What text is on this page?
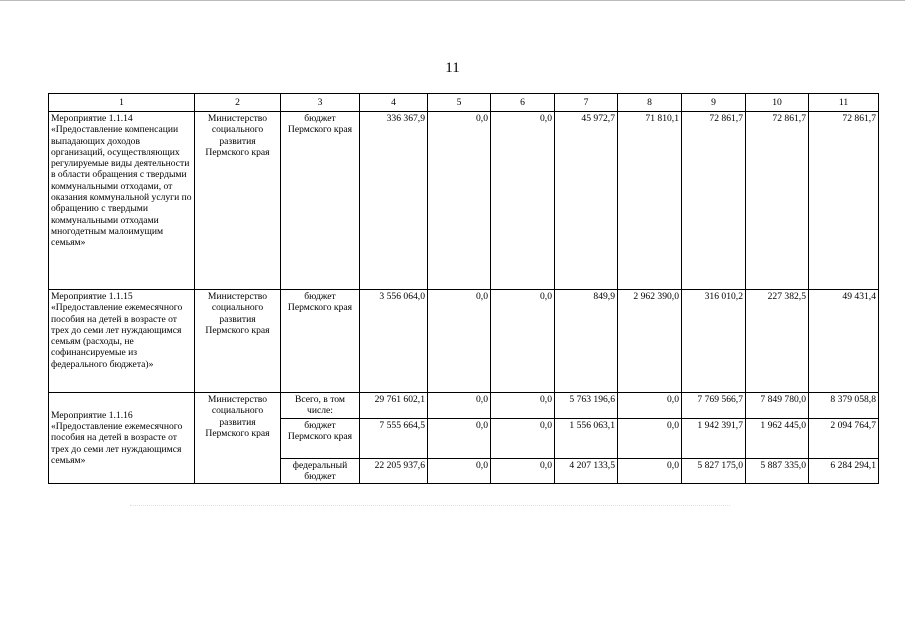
11
1	2	3	4	5	6	7	8	9	10	11
Мероприятие 1.1.14 «Предоставление компенсации выпадающих доходов организаций, осуществляющих регулируемые виды деятельности в области обращения с твердыми коммунальными отходами, от оказания коммунальной услуги по обращению с твердыми коммунальными отходами многодетным малоимущим семьям»	Министерство социального развития Пермского края	бюджет Пермского края	336 367,9	0,0	0,0	45 972,7	71 810,1	72 861,7	72 861,7	72 861,7
Мероприятие 1.1.15 «Предоставление ежемесячного пособия на детей в возрасте от трех до семи лет нуждающимся семьям (расходы, не софинансируемые из федерального бюджета)»	Министерство социального развития Пермского края	бюджет Пермского края	3 556 064,0	0,0	0,0	849,9	2 962 390,0	316 010,2	227 382,5	49 431,4
Мероприятие 1.1.16 «Предоставление ежемесячного пособия на детей в возрасте от трех до семи лет нуждающимся семьям»	Министерство социального развития Пермского края	Всего, в том числе:	29 761 602,1	0,0	0,0	5 763 196,6	0,0	7 769 566,7	7 849 780,0	8 379 058,8
		бюджет Пермского края	7 555 664,5	0,0	0,0	1 556 063,1	0,0	1 942 391,7	1 962 445,0	2 094 764,7
		федеральный бюджет	22 205 937,6	0,0	0,0	4 207 133,5	0,0	5 827 175,0	5 887 335,0	6 284 294,1
